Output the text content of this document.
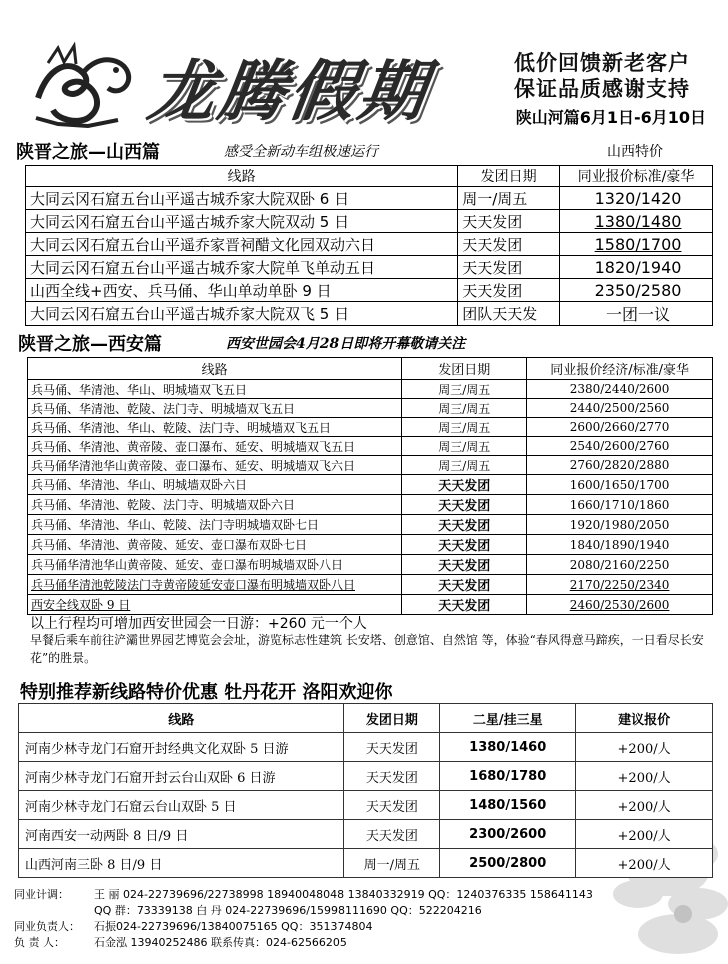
龙腾假期	低价回馈新老客户
保证品质感谢支持
陕山河篇6月1日-6月10日
陕晋之旅—山西篇	感受全新动车组极速运行	山西特价
线路	发团日期	同业报价标准/豪华
大同云冈石窟五台山平遥古城乔家大院双卧 6 日	周一/周五	1320/1420
大同云冈石窟五台山平遥古城乔家大院双动 5 日	天天发团	1380/1480
大同云冈石窟五台山平遥乔家晋祠醋文化园双动六日	天天发团	1580/1700
大同云冈石窟五台山平遥古城乔家大院单飞单动五日	天天发团	1820/1940
山西全线+西安、兵马俑、华山单动单卧 9 日	天天发团	2350/2580
大同云冈石窟五台山平遥古城乔家大院双飞 5 日	团队天天发	一团一议
陕晋之旅—西安篇	西安世园会4月28日即将开幕敬请关注
线路	发团日期	同业报价经济/标准/豪华
兵马俑、华清池、华山、明城墙双飞五日	周三/周五	2380/2440/2600
兵马俑、华清池、乾陵、法门寺、明城墙双飞五日	周三/周五	2440/2500/2560
兵马俑、华清池、华山、乾陵、法门寺、明城墙双飞五日	周三/周五	2600/2660/2770
兵马俑、华清池、黄帝陵、壶口瀑布、延安、明城墙双飞五日	周三/周五	2540/2600/2760
兵马俑华清池华山黄帝陵、壶口瀑布、延安、明城墙双飞六日	周三/周五	2760/2820/2880
兵马俑、华清池、华山、明城墙双卧六日	天天发团	1600/1650/1700
兵马俑、华清池、乾陵、法门寺、明城墙双卧六日	天天发团	1660/1710/1860
兵马俑、华清池、华山、乾陵、法门寺明城墙双卧七日	天天发团	1920/1980/2050
兵马俑、华清池、黄帝陵、延安、壶口瀑布双卧七日	天天发团	1840/1890/1940
兵马俑华清池华山黄帝陵、延安、壶口瀑布明城墙双卧八日	天天发团	2080/2160/2250
兵马俑华清池乾陵法门寺黄帝陵延安壶口瀑布明城墙双卧八日	天天发团	2170/2250/2340
西安全线双卧 9 日	天天发团	2460/2530/2600
以上行程均可增加西安世园会一日游：+260 元一个人
早餐后乘车前往浐灞世界园艺博览会会址，游览标志性建筑 长安塔、创意馆、自然馆 等，体验“春风得意马蹄疾，一日看尽长安花”的胜景。
特别推荐新线路特价优惠 牡丹花开 洛阳欢迎你
线路	发团日期	二星/挂三星	建议报价
河南少林寺龙门石窟开封经典文化双卧 5 日游	天天发团	1380/1460	+200/人
河南少林寺龙门石窟开封云台山双卧 6 日游	天天发团	1680/1780	+200/人
河南少林寺龙门石窟云台山双卧 5 日	天天发团	1480/1560	+200/人
河南西安一动两卧 8 日/9 日	天天发团	2300/2600	+200/人
山西河南三卧 8 日/9 日	周一/周五	2500/2800	+200/人
同业计调： 王 丽 024-22739696/22738998 18940048048 13840332919 QQ：1240376335 158641143
QQ 群：73339138 白 丹 024-22739696/15998111690 QQ：522204216
同业负责人： 石振024-22739696/13840075165 QQ：351374804
负 责 人：	石金泓 13940252486 联系传真：024-62566205
